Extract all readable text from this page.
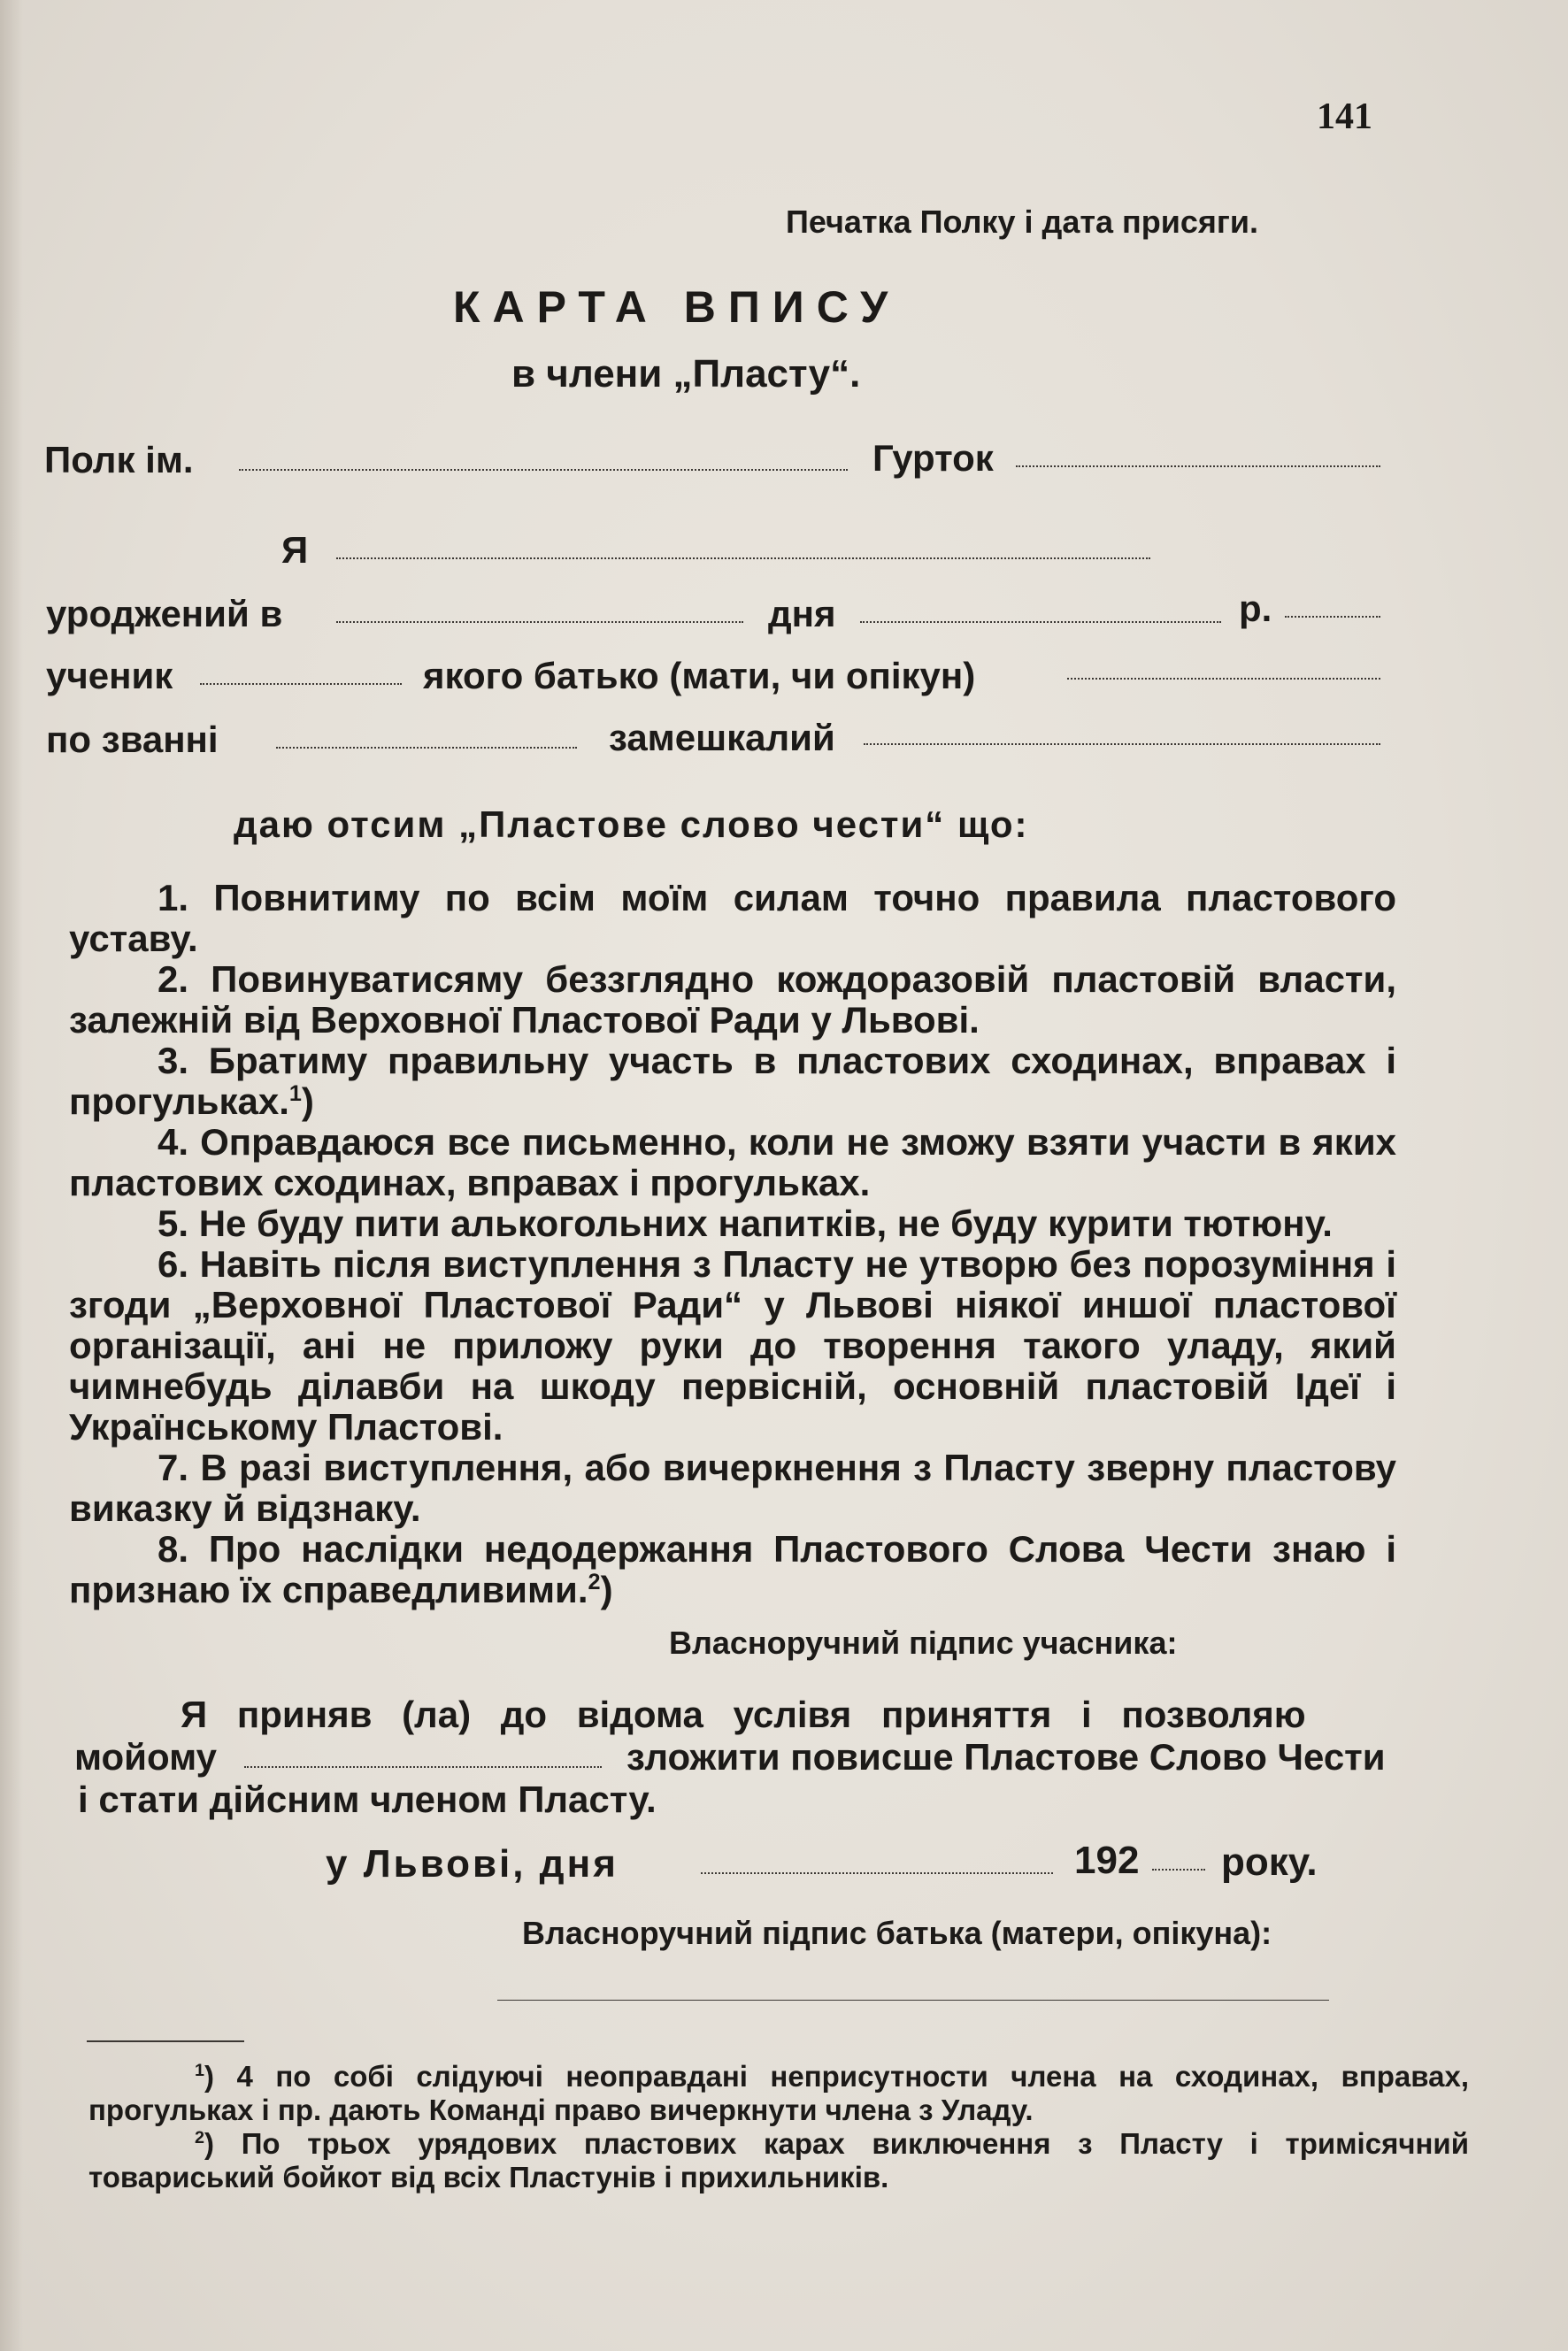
141
Печатка Полку і дата присяги.
КАРТА ВПИСУ
в члени „Пласту“.
Полк ім.	Гурток
Я
уроджений в	дня	р.
ученик	якого батько (мати, чи опікун)
по званні	замешкалий
даю отсим „Пластове слово чести“ що:

1. Повнитиму по всім моїм силам точно правила пластового уставу.

2. Повинуватисяму беззглядно кождоразовій пластовій власти, залежній від Верховної Пластової Ради у Львові.

3. Братиму правильну участь в пластових сходинах, вправах і прогульках.$^1$)

4. Оправдаюся все письменно, коли не зможу взяти участи в яких пластових сходинах, вправах і прогульках.

5. Не буду пити алькогольних напитків, не буду курити тютюну.

6. Навіть після виступлення з Пласту не утворю без порозуміння і згоди „Верховної Пластової Ради“ у Львові ніякої иншої пластової організації, ані не приложу руки до творення такого уладу, який чимнебудь ділавби на шкоду первісній, основній пластовій Ідеї і Українському Пластові.

7. В разі виступлення, або вичеркнення з Пласту зверну пластову виказку й відзнаку.

8. Про наслідки недодержання Пластового Слова Чести знаю і признаю їх справедливими.$^2$)

Власноручний підпис учасника:
Я приняв (ла) до відома услівя приняття і позволяю
мойому	зложити повисше Пластове Слово Чести
і стати дійсним членом Пласту.
у Львові, дня	192 року.
Власноручний підпис батька (матери, опікуна):

$^1$) 4 по собі слідуючі неоправдані неприсутности члена на сходинах, вправах, прогульках і пр. дають Команді право вичеркнути члена з Уладу.

$^2$) По трьох урядових пластових карах виключення з Пласту і тримісячний товариський бойкот від всіх Пластунів і прихильників.
